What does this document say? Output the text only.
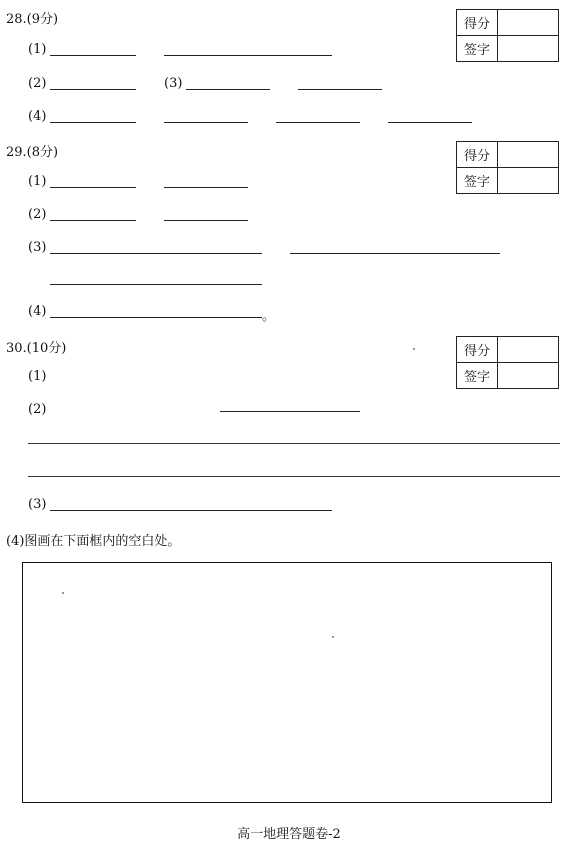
28.(9分)	得分	
签字	
(1)
(2)	(3)
(4)
29.(8分)	得分	
签字	
(1)
(2)
(3)
(4)	。
30.(10分)	得分	
签字	
(1)
(2)
(3)
(4)图画在下面框内的空白处。
高一地理答题卷-2
